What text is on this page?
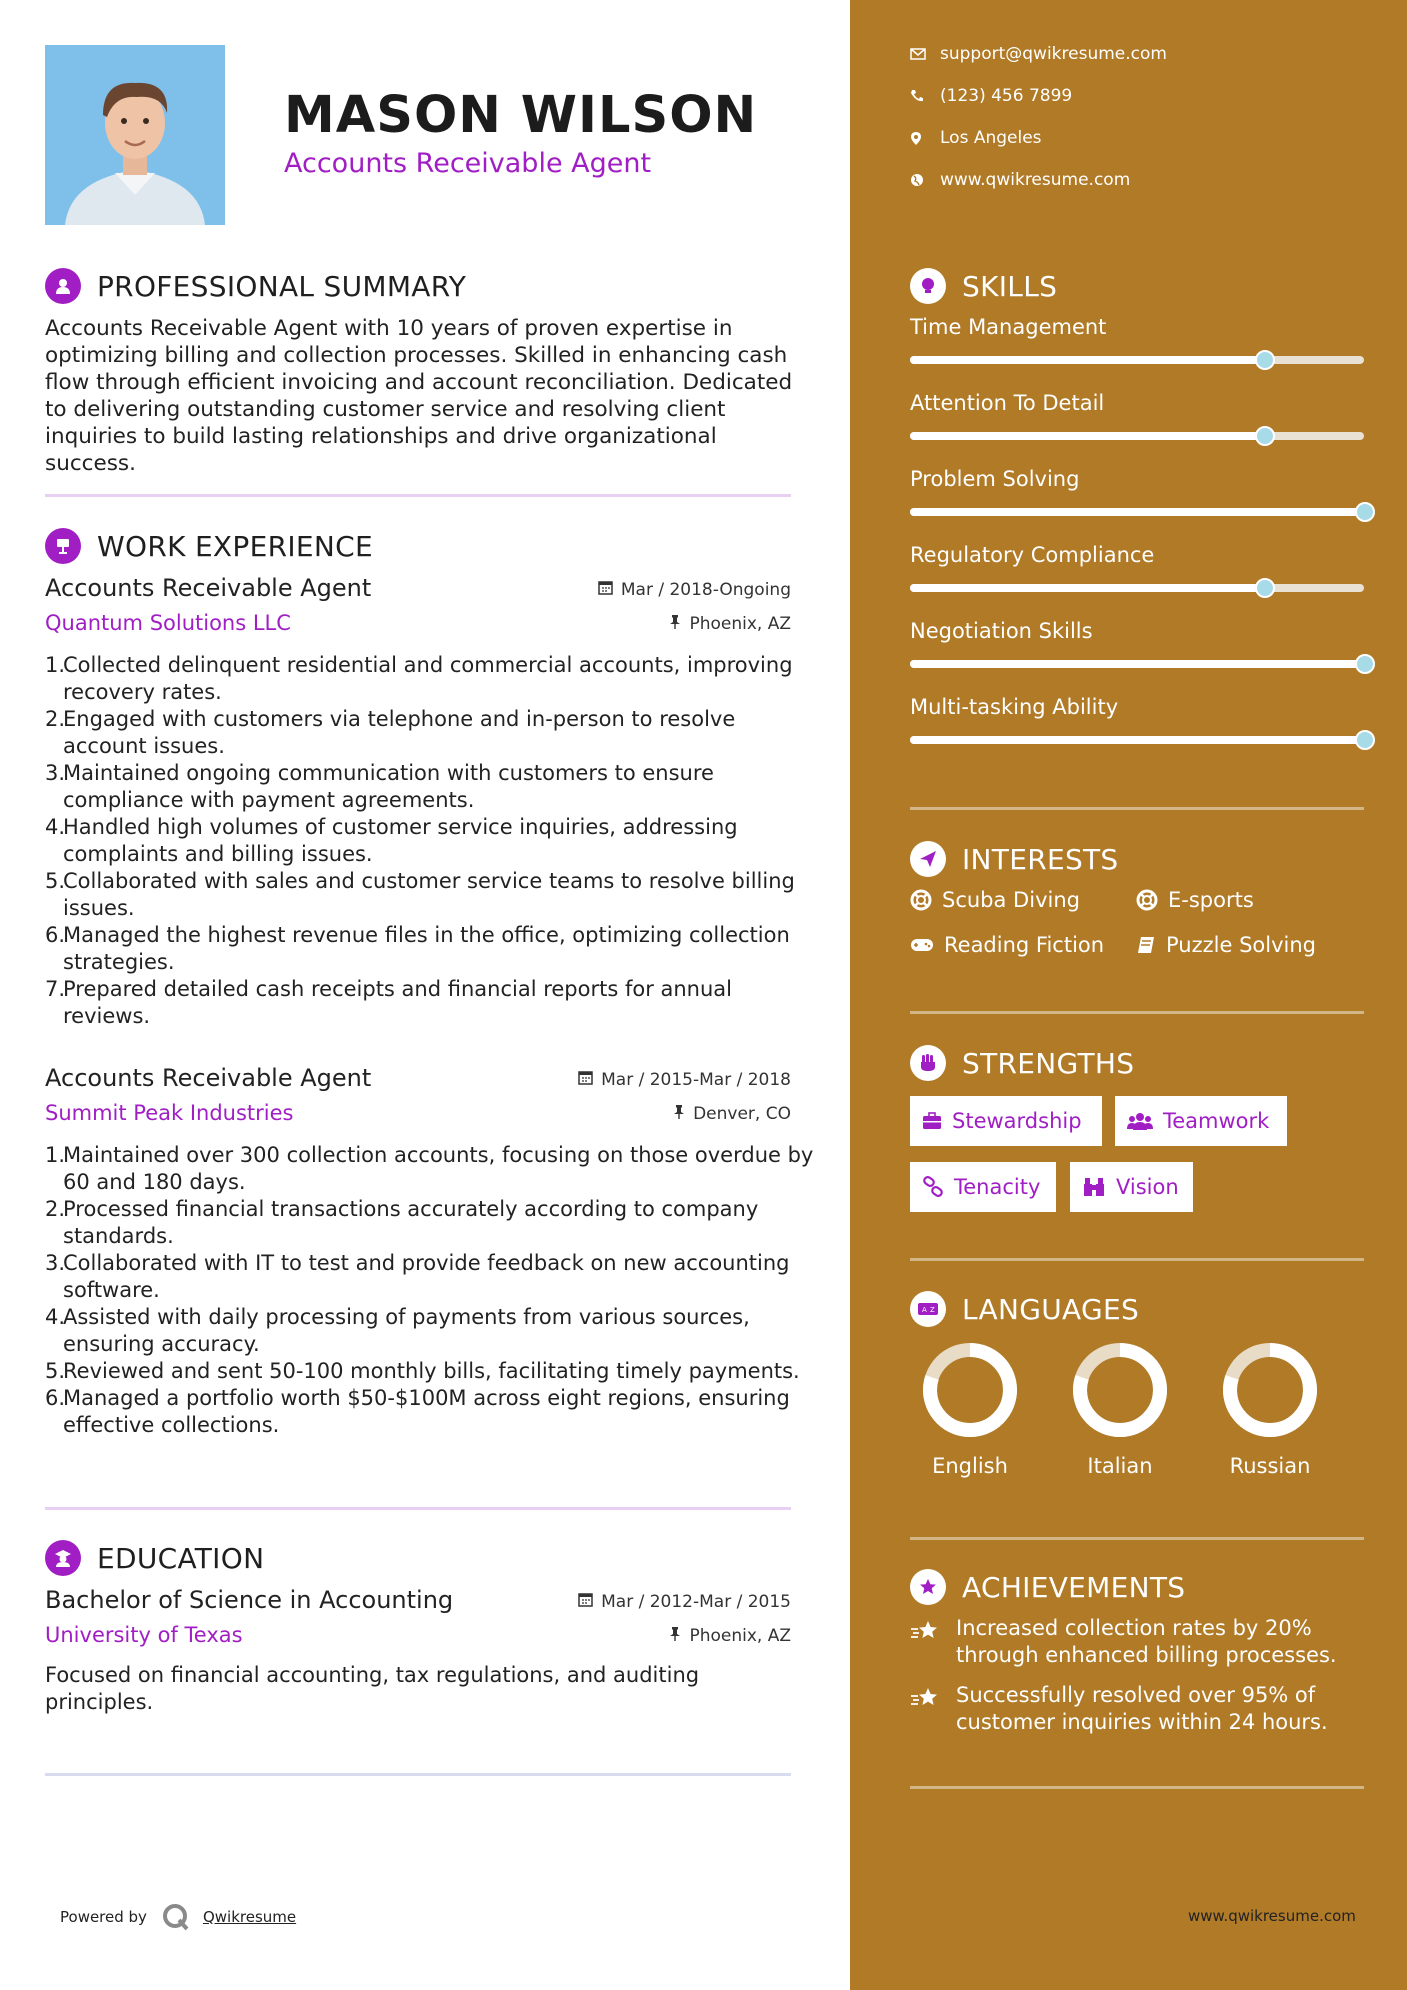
MASON WILSON
Accounts Receivable Agent
PROFESSIONAL SUMMARY
Accounts Receivable Agent with 10 years of proven expertise in optimizing billing and collection processes. Skilled in enhancing cash flow through efficient invoicing and account reconciliation. Dedicated to delivering outstanding customer service and resolving client inquiries to build lasting relationships and drive organizational success.
WORK EXPERIENCE
Accounts Receivable Agent	Mar / 2018-Ongoing
Quantum Solutions LLC	Phoenix, AZ
1.
Collected delinquent residential and commercial accounts, improving recovery rates.
2.
Engaged with customers via telephone and in-person to resolve account issues.
3.
Maintained ongoing communication with customers to ensure compliance with payment agreements.
4.
Handled high volumes of customer service inquiries, addressing complaints and billing issues.
5.
Collaborated with sales and customer service teams to resolve billing issues.
6.
Managed the highest revenue files in the office, optimizing collection strategies.
7.
Prepared detailed cash receipts and financial reports for annual reviews.
Accounts Receivable Agent	Mar / 2015-Mar / 2018
Summit Peak Industries	Denver, CO
1.
Maintained over 300 collection accounts, focusing on those overdue by 60 and 180 days.
2.
Processed financial transactions accurately according to company standards.
3.
Collaborated with IT to test and provide feedback on new accounting software.
4.
Assisted with daily processing of payments from various sources, ensuring accuracy.
5.
Reviewed and sent 50-100 monthly bills, facilitating timely payments.
6.
Managed a portfolio worth $50-$100M across eight regions, ensuring effective collections.
EDUCATION
Bachelor of Science in Accounting	Mar / 2012-Mar / 2015
University of Texas	Phoenix, AZ
Focused on financial accounting, tax regulations, and auditing principles.
Powered by	Qwikresume
support@qwikresume.com
(123) 456 7899
Los Angeles
www.qwikresume.com
SKILLS
Time Management
Attention To Detail
Problem Solving
Regulatory Compliance
Negotiation Skills
Multi-tasking Ability
INTERESTS
Scuba Diving	E-sports
Reading Fiction	Puzzle Solving
STRENGTHS
Stewardship	Teamwork
Tenacity	Vision
A Z LANGUAGES
English	Italian	Russian
ACHIEVEMENTS
Increased collection rates by 20% through enhanced billing processes.
Successfully resolved over 95% of customer inquiries within 24 hours.
www.qwikresume.com
